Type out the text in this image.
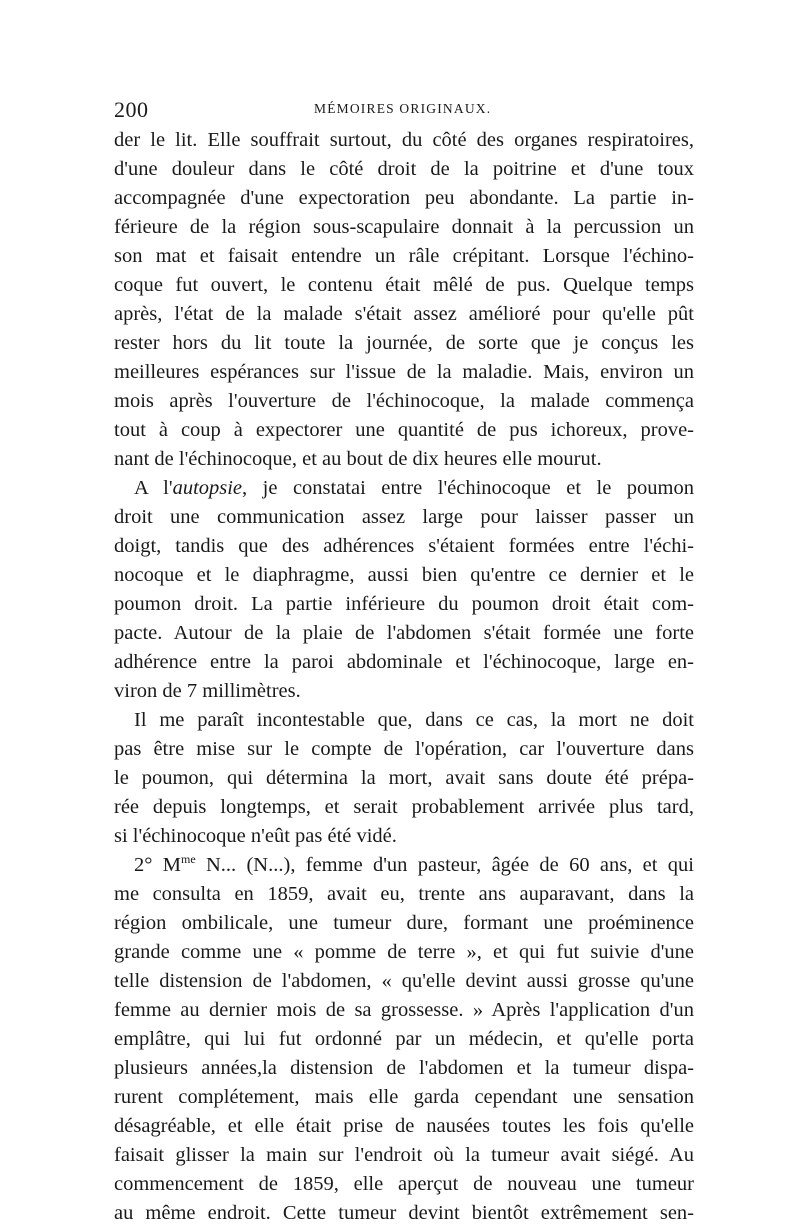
200	MÉMOIRES ORIGINAUX.
der le lit. Elle souffrait surtout, du côté des organes respiratoires,
d'une douleur dans le côté droit de la poitrine et d'une toux
accompagnée d'une expectoration peu abondante. La partie in-
férieure de la région sous-scapulaire donnait à la percussion un
son mat et faisait entendre un râle crépitant. Lorsque l'échino-
coque fut ouvert, le contenu était mêlé de pus. Quelque temps
après, l'état de la malade s'était assez amélioré pour qu'elle pût
rester hors du lit toute la journée, de sorte que je conçus les
meilleures espérances sur l'issue de la maladie. Mais, environ un
mois après l'ouverture de l'échinocoque, la malade commença
tout à coup à expectorer une quantité de pus ichoreux, prove-
nant de l'échinocoque, et au bout de dix heures elle mourut.
A l'autopsie, je constatai entre l'échinocoque et le poumon
droit une communication assez large pour laisser passer un
doigt, tandis que des adhérences s'étaient formées entre l'échi-
nocoque et le diaphragme, aussi bien qu'entre ce dernier et le
poumon droit. La partie inférieure du poumon droit était com-
pacte. Autour de la plaie de l'abdomen s'était formée une forte
adhérence entre la paroi abdominale et l'échinocoque, large en-
viron de 7 millimètres.
Il me paraît incontestable que, dans ce cas, la mort ne doit
pas être mise sur le compte de l'opération, car l'ouverture dans
le poumon, qui détermina la mort, avait sans doute été prépa-
rée depuis longtemps, et serait probablement arrivée plus tard,
si l'échinocoque n'eût pas été vidé.
2° $M^{me}$ N... (N...), femme d'un pasteur, âgée de 60 ans, et qui
me consulta en 1859, avait eu, trente ans auparavant, dans la
région ombilicale, une tumeur dure, formant une proéminence
grande comme une « pomme de terre », et qui fut suivie d'une
telle distension de l'abdomen, « qu'elle devint aussi grosse qu'une
femme au dernier mois de sa grossesse. » Après l'application d'un
emplâtre, qui lui fut ordonné par un médecin, et qu'elle porta
plusieurs années,la distension de l'abdomen et la tumeur dispa-
rurent complétement, mais elle garda cependant une sensation
désagréable, et elle était prise de nausées toutes les fois qu'elle
faisait glisser la main sur l'endroit où la tumeur avait siégé. Au
commencement de 1859, elle aperçut de nouveau une tumeur
au même endroit. Cette tumeur devint bientôt extrêmement sen-
